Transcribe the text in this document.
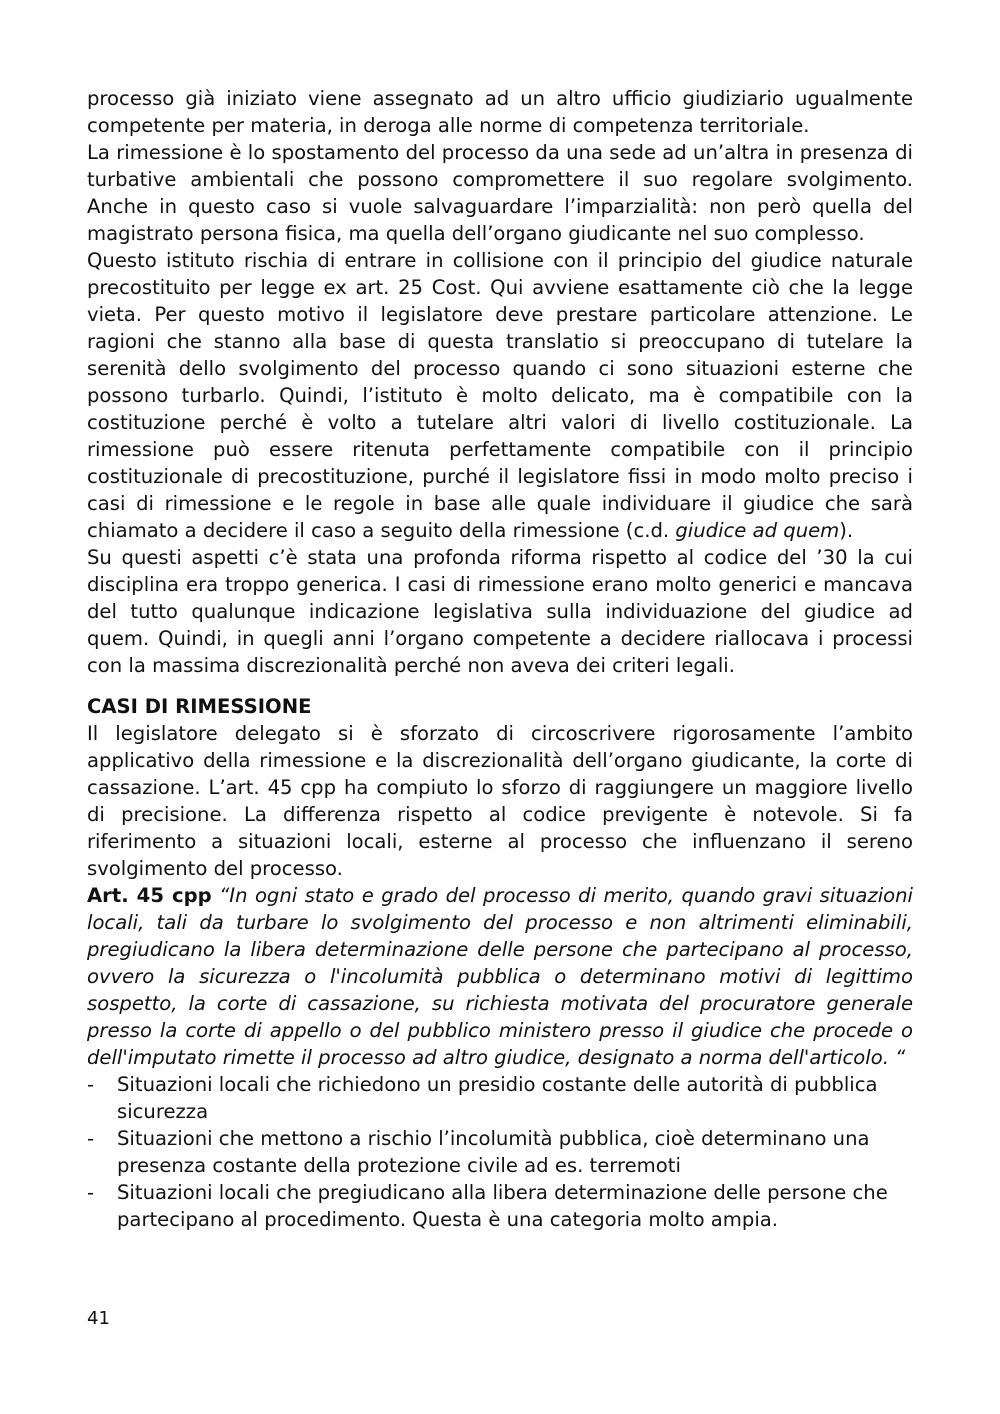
processo già iniziato viene assegnato ad un altro ufficio giudiziario ugualmente competente per materia, in deroga alle norme di competenza territoriale.

La rimessione è lo spostamento del processo da una sede ad un’altra in presenza di turbative ambientali che possono compromettere il suo regolare svolgimento. Anche in questo caso si vuole salvaguardare l’imparzialità: non però quella del magistrato persona fisica, ma quella dell’organo giudicante nel suo complesso.

Questo istituto rischia di entrare in collisione con il principio del giudice naturale precostituito per legge ex art. 25 Cost. Qui avviene esattamente ciò che la legge vieta. Per questo motivo il legislatore deve prestare particolare attenzione. Le ragioni che stanno alla base di questa translatio si preoccupano di tutelare la serenità dello svolgimento del processo quando ci sono situazioni esterne che possono turbarlo. Quindi, l’istituto è molto delicato, ma è compatibile con la costituzione perché è volto a tutelare altri valori di livello costituzionale. La rimessione può essere ritenuta perfettamente compatibile con il principio costituzionale di precostituzione, purché il legislatore fissi in modo molto preciso i casi di rimessione e le regole in base alle quale individuare il giudice che sarà chiamato a decidere il caso a seguito della rimessione (c.d. giudice ad quem).

Su questi aspetti c’è stata una profonda riforma rispetto al codice del ’30 la cui disciplina era troppo generica. I casi di rimessione erano molto generici e mancava del tutto qualunque indicazione legislativa sulla individuazione del giudice ad quem. Quindi, in quegli anni l’organo competente a decidere riallocava i processi con la massima discrezionalità perché non aveva dei criteri legali.

CASI DI RIMESSIONE

Il legislatore delegato si è sforzato di circoscrivere rigorosamente l’ambito applicativo della rimessione e la discrezionalità dell’organo giudicante, la corte di cassazione. L’art. 45 cpp ha compiuto lo sforzo di raggiungere un maggiore livello di precisione. La differenza rispetto al codice previgente è notevole. Si fa riferimento a situazioni locali, esterne al processo che influenzano il sereno svolgimento del processo.

Art. 45 cpp “In ogni stato e grado del processo di merito, quando gravi situazioni locali, tali da turbare lo svolgimento del processo e non altrimenti eliminabili, pregiudicano la libera determinazione delle persone che partecipano al processo, ovvero la sicurezza o l'incolumità pubblica o determinano motivi di legittimo sospetto, la corte di cassazione, su richiesta motivata del procuratore generale presso la corte di appello o del pubblico ministero presso il giudice che procede o dell'imputato rimette il processo ad altro giudice, designato a norma dell'articolo. “

-	Situazioni locali che richiedono un presidio costante delle autorità di pubblica sicurezza
-	Situazioni che mettono a rischio l’incolumità pubblica, cioè determinano una presenza costante della protezione civile ad es. terremoti
-	Situazioni locali che pregiudicano alla libera determinazione delle persone che partecipano al procedimento. Questa è una categoria molto ampia.
41
